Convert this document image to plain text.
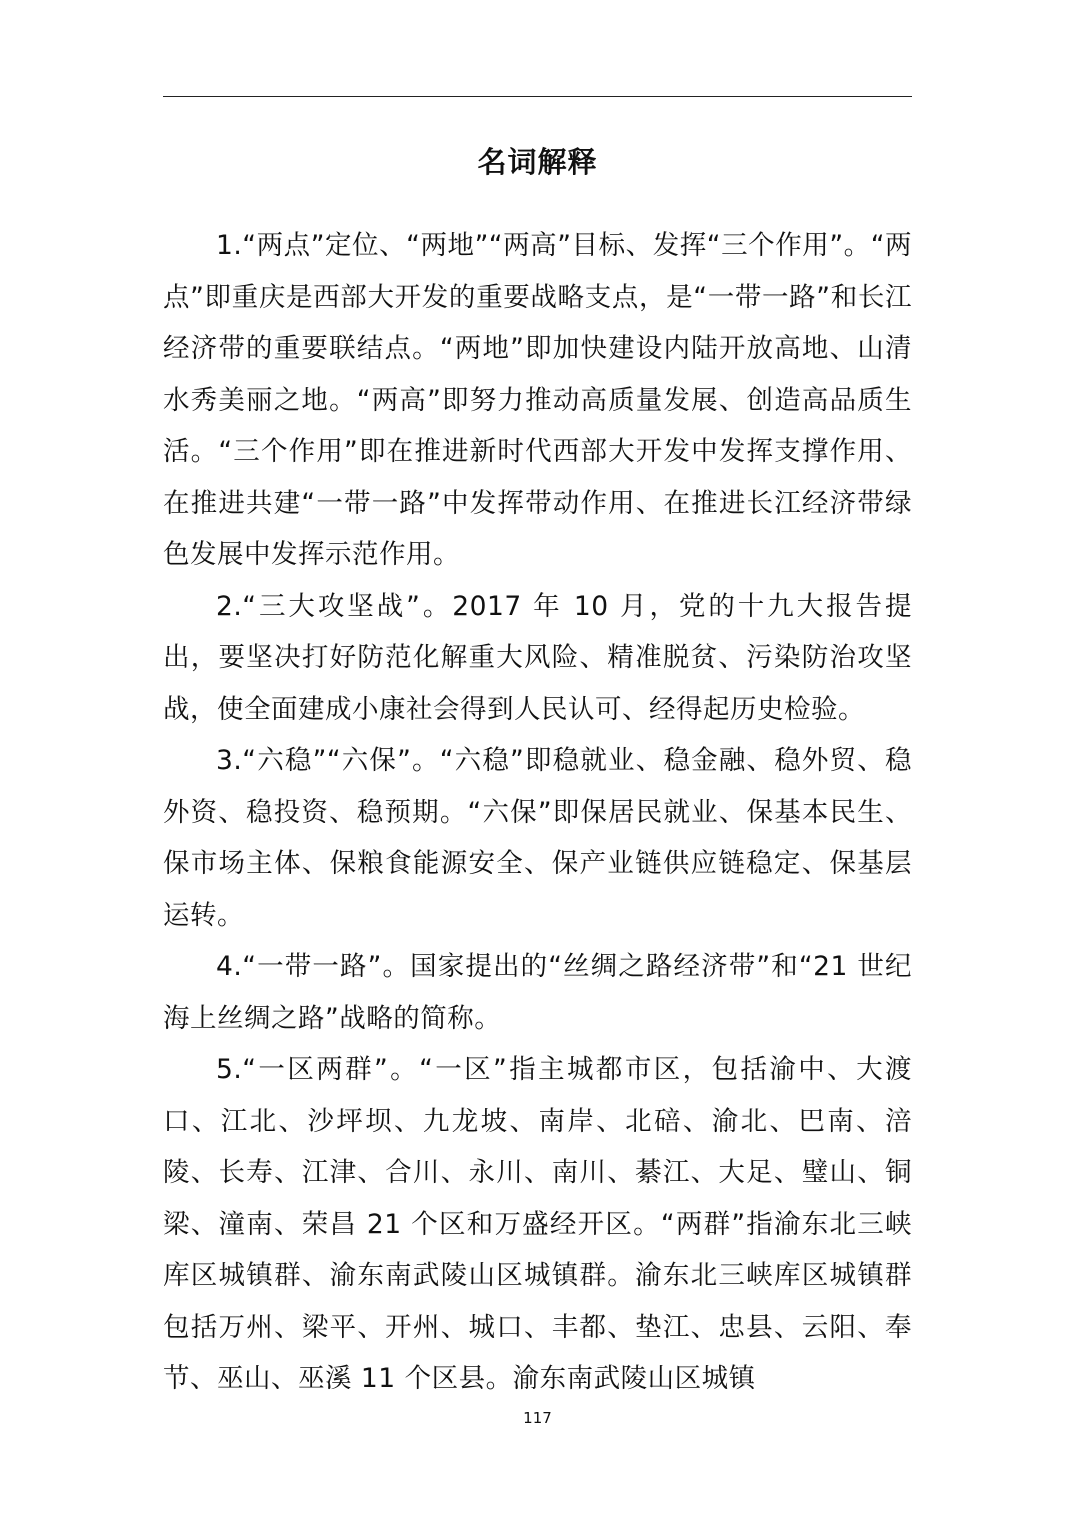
名词解释

1.“两点”定位、“两地”“两高”目标、发挥“三个作用”。“两点”即重庆是西部大开发的重要战略支点，是“一带一路”和长江经济带的重要联结点。“两地”即加快建设内陆开放高地、山清水秀美丽之地。“两高”即努力推动高质量发展、创造高品质生活。“三个作用”即在推进新时代西部大开发中发挥支撑作用、在推进共建“一带一路”中发挥带动作用、在推进长江经济带绿色发展中发挥示范作用。

2.“三大攻坚战”。2017 年 10 月，党的十九大报告提出，要坚决打好防范化解重大风险、精准脱贫、污染防治攻坚战，使全面建成小康社会得到人民认可、经得起历史检验。

3.“六稳”“六保”。“六稳”即稳就业、稳金融、稳外贸、稳外资、稳投资、稳预期。“六保”即保居民就业、保基本民生、保市场主体、保粮食能源安全、保产业链供应链稳定、保基层运转。

4.“一带一路”。国家提出的“丝绸之路经济带”和“21 世纪海上丝绸之路”战略的简称。

5.“一区两群”。“一区”指主城都市区，包括渝中、大渡口、江北、沙坪坝、九龙坡、南岸、北碚、渝北、巴南、涪陵、长寿、江津、合川、永川、南川、綦江、大足、璧山、铜梁、潼南、荣昌 21 个区和万盛经开区。“两群”指渝东北三峡库区城镇群、渝东南武陵山区城镇群。渝东北三峡库区城镇群包括万州、梁平、开州、城口、丰都、垫江、忠县、云阳、奉节、巫山、巫溪 11 个区县。渝东南武陵山区城镇

117
